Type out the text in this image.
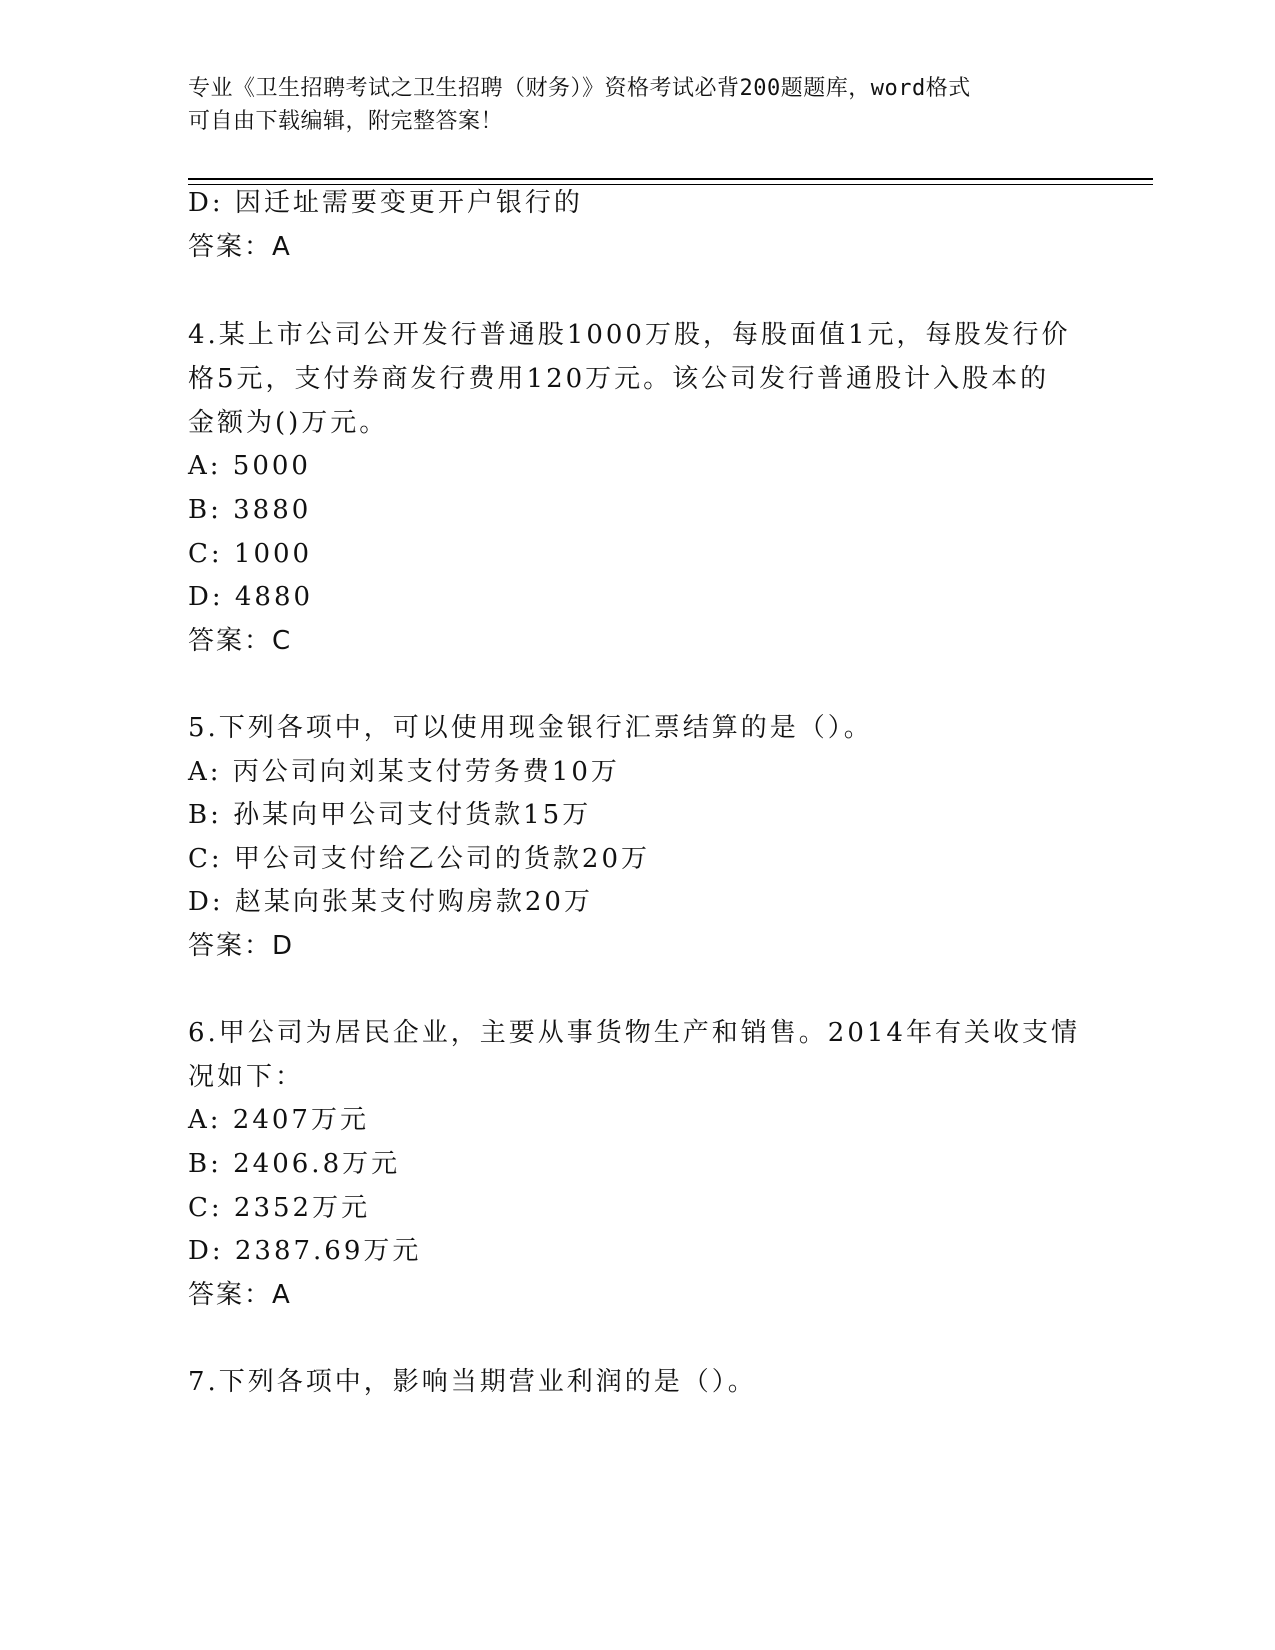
专业《卫生招聘考试之卫生招聘（财务）》资格考试必背200题题库，word格式
可自由下载编辑，附完整答案！
D: 因迁址需要变更开户银行的
答案：A
4.某上市公司公开发行普通股1000万股，每股面值1元，每股发行价
格5元，支付券商发行费用120万元。该公司发行普通股计入股本的
金额为()万元。
A: 5000
B: 3880
C: 1000
D: 4880
答案：C
5.下列各项中，可以使用现金银行汇票结算的是（）。
A: 丙公司向刘某支付劳务费10万
B: 孙某向甲公司支付货款15万
C: 甲公司支付给乙公司的货款20万
D: 赵某向张某支付购房款20万
答案：D
6.甲公司为居民企业，主要从事货物生产和销售。2014年有关收支情
况如下：
A: 2407万元
B: 2406.8万元
C: 2352万元
D: 2387.69万元
答案：A
7.下列各项中，影响当期营业利润的是（）。
